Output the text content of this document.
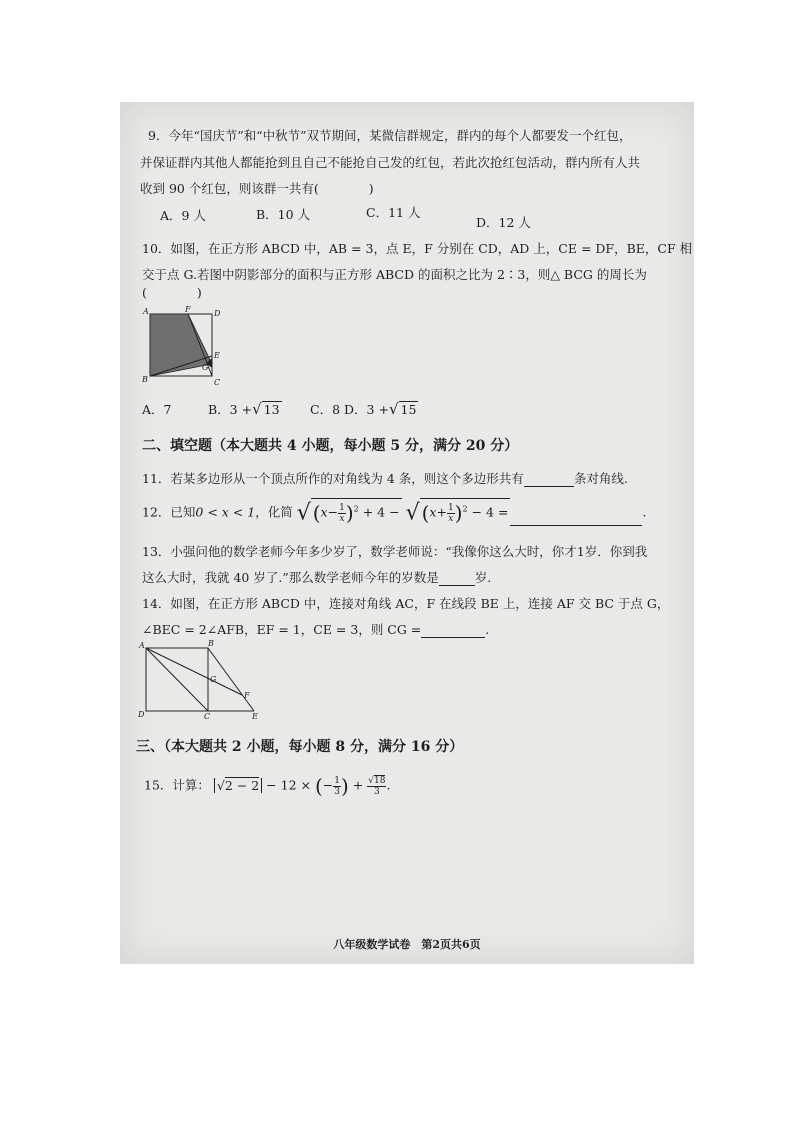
9．今年“国庆节”和“中秋节”双节期间，某微信群规定，群内的每个人都要发一个红包，
并保证群内其他人都能抢到且自己不能抢自己发的红包，若此次抢红包活动，群内所有人共
收到 90 个红包，则该群一共有(　　　　)
A．9 人	B．10 人	C．11 人
D．12 人
10．如图，在正方形 ABCD 中，AB = 3，点 E，F 分别在 CD，AD 上，CE = DF，BE，CF 相
交于点 G.若图中阴影部分的面积与正方形 ABCD 的面积之比为 2∶3，则△ BCG 的周长为
(　　　　)
A	F	D
E
G
B	C
A．7	B．3 +√ 13 C．8 D．3 +√ 15
二、填空题（本大题共 4 小题，每小题 5 分，满分 20 分）
11．若某多边形从一个顶点所作的对角线为 4 条，则这个多边形共有	条对角线.
12．已知0 < x < 1，化简 √ $(x- \frac{1}{x} )^2 + 4$ − √ $(x+ \frac{1}{x} )^2 - 4$ =	.
13．小强问他的数学老师今年多少岁了，数学老师说：“我像你这么大时，你才1岁．你到我
这么大时，我就 40 岁了.”那么数学老师今年的岁数是	岁.
14．如图，在正方形 ABCD 中，连接对角线 AC，F 在线段 BE 上，连接 AF 交 BC 于点 G，
∠BEC = 2∠AFB，EF = 1，CE = 3，则 CG =	.
A	B
G
F
D	C	E
三、（本大题共 2 小题，每小题 8 分，满分 16 分）
15．计算： √2 − 2 − 12 × (− $\frac{1}{3}$ ) + $\frac{√18}{3}$ .
八年级数学试卷　第2页共6页
